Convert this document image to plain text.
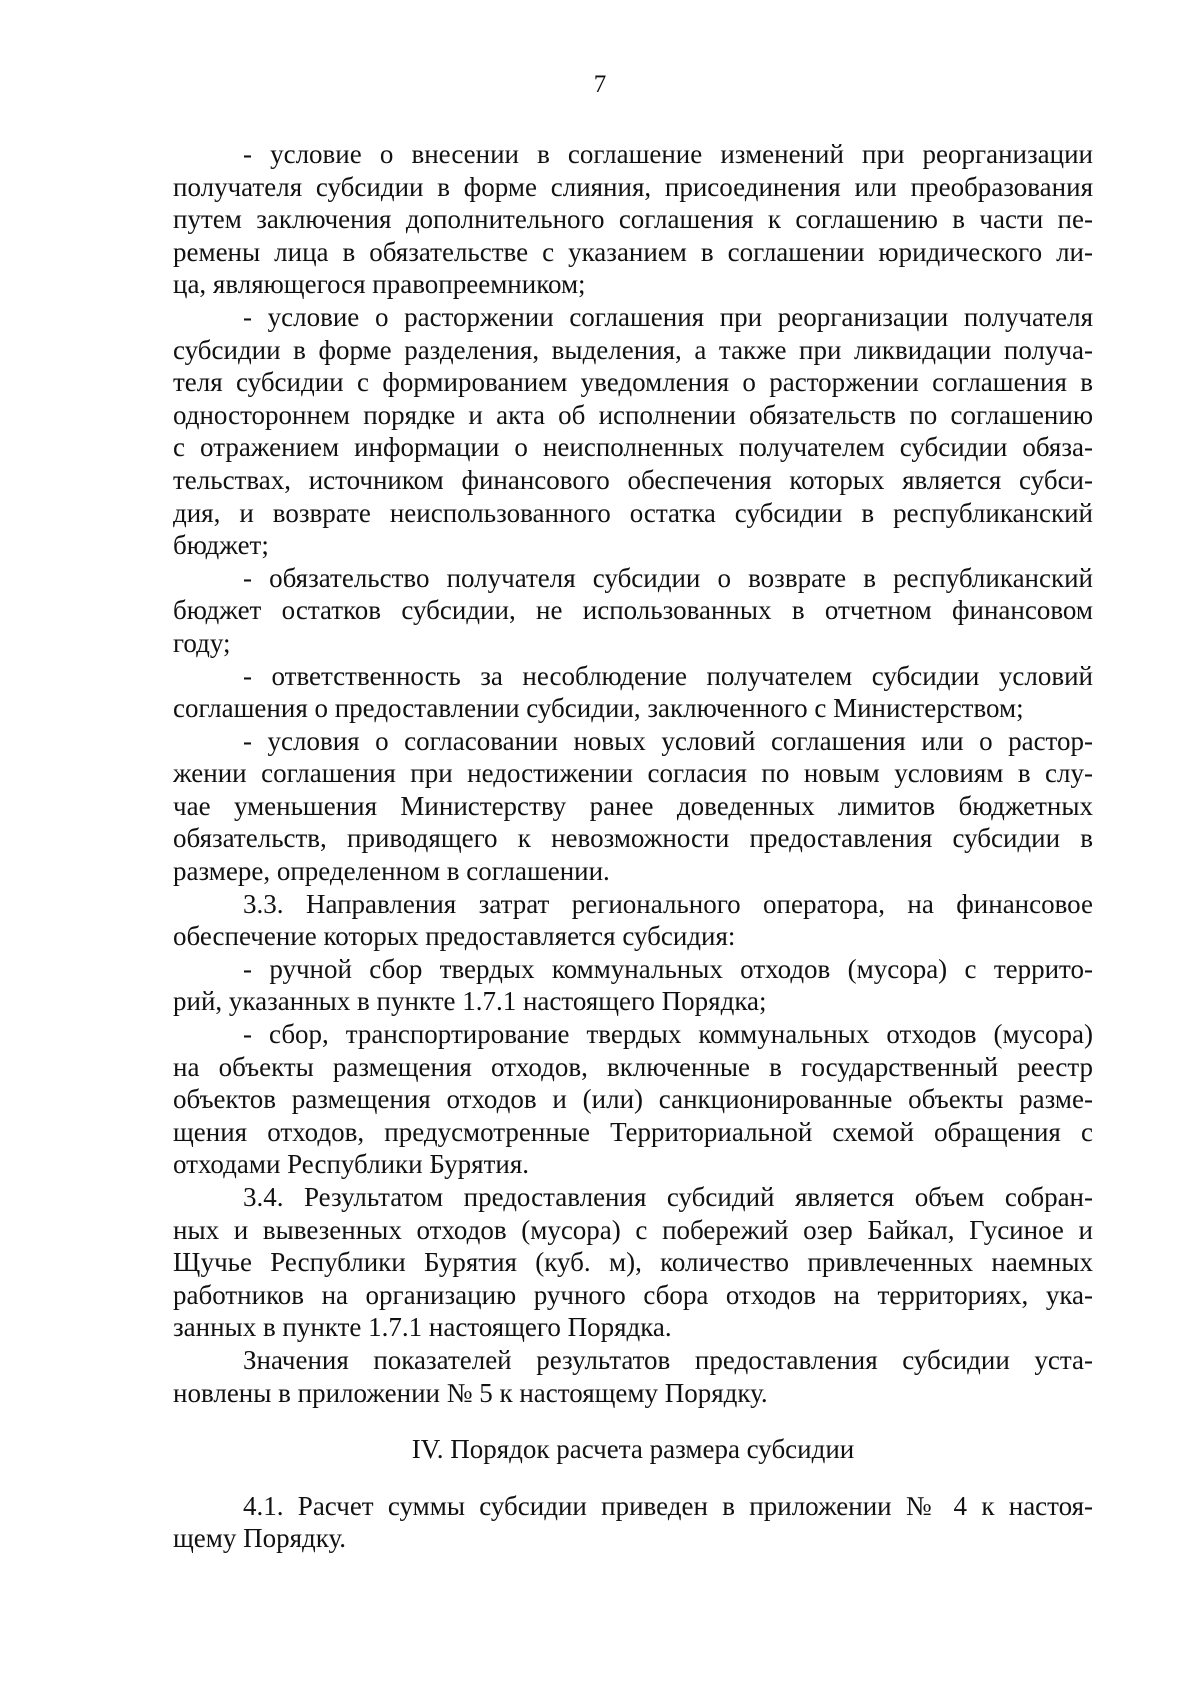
7

- условие о внесении в соглашение изменений при реорганизации
получателя субсидии в форме слияния, присоединения или преобразования
путем заключения дополнительного соглашения к соглашению в части пе-
ремены лица в обязательстве с указанием в соглашении юридического ли-
ца, являющегося правопреемником;

- условие о расторжении соглашения при реорганизации получателя
субсидии в форме разделения, выделения, а также при ликвидации получа-
теля субсидии с формированием уведомления о расторжении соглашения в
одностороннем порядке и акта об исполнении обязательств по соглашению
с отражением информации о неисполненных получателем субсидии обяза-
тельствах, источником финансового обеспечения которых является субси-
дия, и возврате неиспользованного остатка субсидии в республиканский
бюджет;

- обязательство получателя субсидии о возврате в республиканский
бюджет остатков субсидии, не использованных в отчетном финансовом
году;

- ответственность за несоблюдение получателем субсидии условий
соглашения о предоставлении субсидии, заключенного с Министерством;

- условия о согласовании новых условий соглашения или о растор-
жении соглашения при недостижении согласия по новым условиям в слу-
чае уменьшения Министерству ранее доведенных лимитов бюджетных
обязательств, приводящего к невозможности предоставления субсидии в
размере, определенном в соглашении.

3.3. Направления затрат регионального оператора, на финансовое
обеспечение которых предоставляется субсидия:

- ручной сбор твердых коммунальных отходов (мусора) с террито-
рий, указанных в пункте 1.7.1 настоящего Порядка;

- сбор, транспортирование твердых коммунальных отходов (мусора)
на объекты размещения отходов, включенные в государственный реестр
объектов размещения отходов и (или) санкционированные объекты разме-
щения отходов, предусмотренные Территориальной схемой обращения с
отходами Республики Бурятия.

3.4. Результатом предоставления субсидий является объем собран-
ных и вывезенных отходов (мусора) с побережий озер Байкал, Гусиное и
Щучье Республики Бурятия (куб. м), количество привлеченных наемных
работников на организацию ручного сбора отходов на территориях, ука-
занных в пункте 1.7.1 настоящего Порядка.

Значения показателей результатов предоставления субсидии уста-
новлены в приложении № 5 к настоящему Порядку.

IV. Порядок расчета размера субсидии

4.1. Расчет суммы субсидии приведен в приложении № 4 к настоя-
щему Порядку.
